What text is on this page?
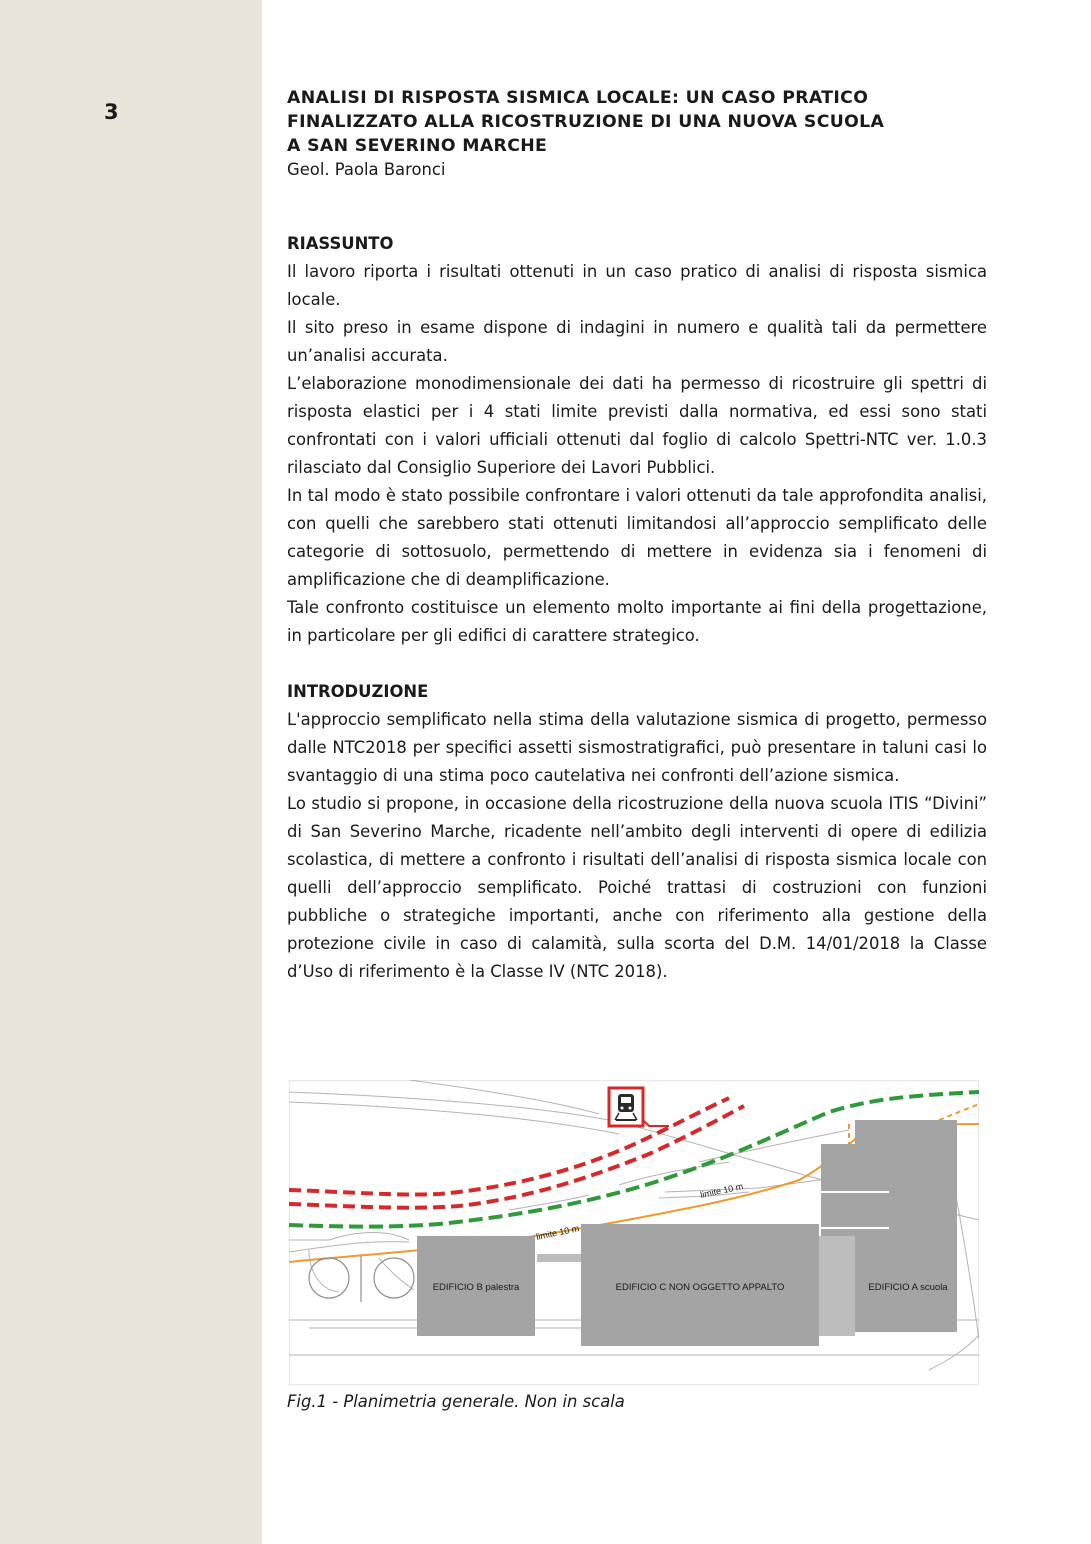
3

ANALISI DI RISPOSTA SISMICA LOCALE: UN CASO PRATICO

FINALIZZATO ALLA RICOSTRUZIONE DI UNA NUOVA SCUOLA

A SAN SEVERINO MARCHE

Geol. Paola Baronci

RIASSUNTO

Il lavoro riporta i risultati ottenuti in un caso pratico di analisi di risposta sismica locale.

Il sito preso in esame dispone di indagini in numero e qualità tali da permettere un’analisi accurata.

L’elaborazione monodimensionale dei dati ha permesso di ricostruire gli spettri di risposta elastici per i 4 stati limite previsti dalla normativa, ed essi sono stati confrontati con i valori ufficiali ottenuti dal foglio di calcolo Spettri-NTC ver. 1.0.3 rilasciato dal Consiglio Superiore dei Lavori Pubblici.

In tal modo è stato possibile confrontare i valori ottenuti da tale approfondita analisi, con quelli che sarebbero stati ottenuti limitandosi all’approccio semplificato delle categorie di sottosuolo, permettendo di mettere in evidenza sia i fenomeni di amplificazione che di deamplificazione.

Tale confronto costituisce un elemento molto importante ai fini della progettazione, in particolare per gli edifici di carattere strategico.

INTRODUZIONE

L'approccio semplificato nella stima della valutazione sismica di progetto, permesso dalle NTC2018 per specifici assetti sismostratigrafici, può presentare in taluni casi lo svantaggio di una stima poco cautelativa nei confronti dell’azione sismica.

Lo studio si propone, in occasione della ricostruzione della nuova scuola ITIS “Divini” di San Severino Marche, ricadente nell’ambito degli interventi di opere di edilizia scolastica, di mettere a confronto i risultati dell’analisi di risposta sismica locale con quelli dell’approccio semplificato. Poiché trattasi di costruzioni con funzioni pubbliche o strategiche importanti, anche con riferimento alla gestione della protezione civile in caso di calamità, sulla scorta del D.M. 14/01/2018 la Classe d’Uso di riferimento è la Classe IV (NTC 2018).

EDIFICIO B palestra	EDIFICIO C NON OGGETTO APPALTO	EDIFICIO A scuola
limite 10 m
limite 10 m
Fig.1 - Planimetria generale. Non in scala
